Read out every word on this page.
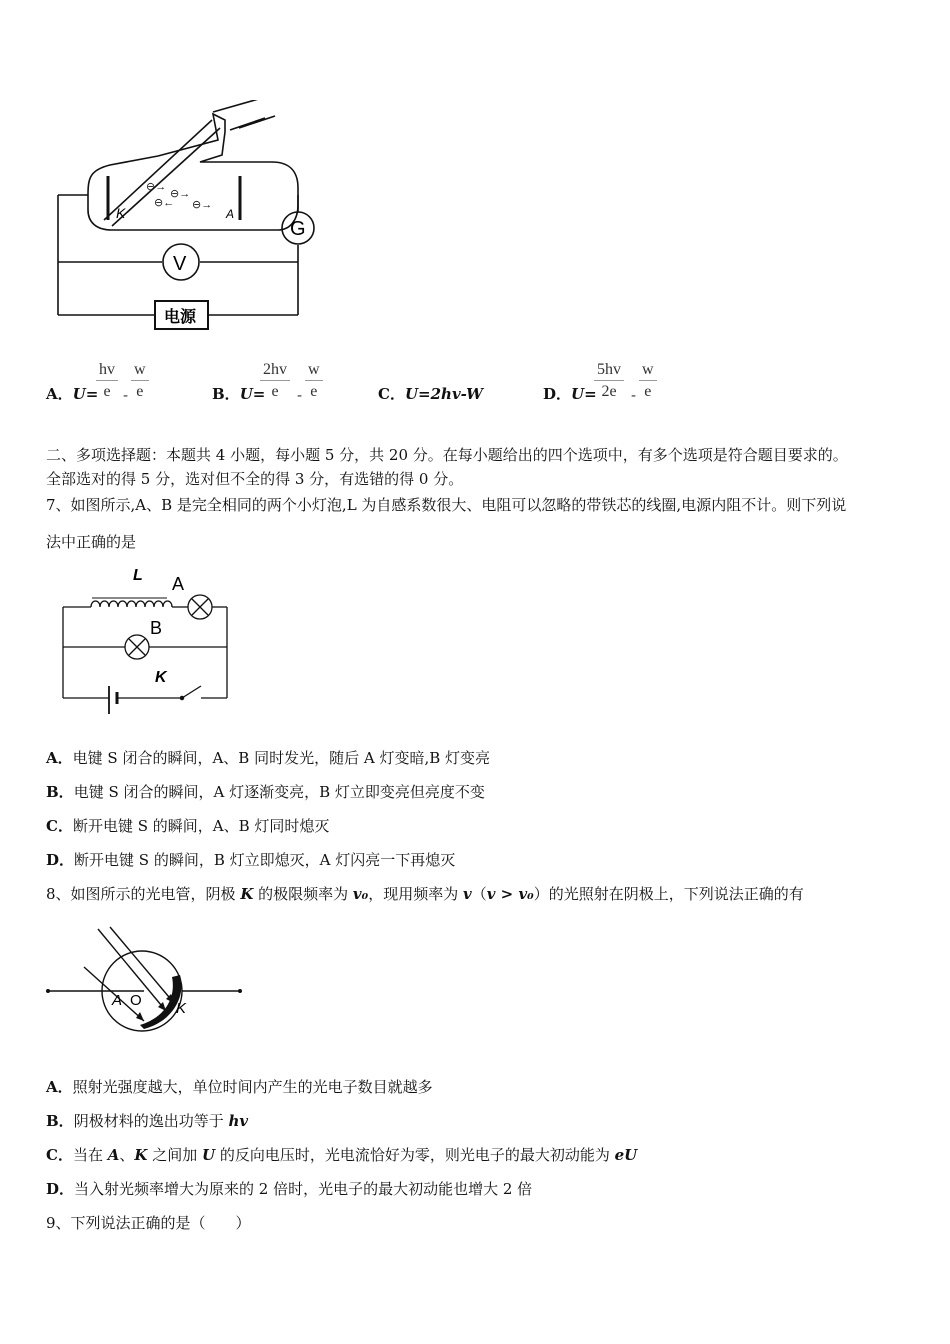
⊖→
⊖→
⊖← ⊖→
K	A
G
V
电源
A．U=
$\frac{hv}{e} - \frac{w}{e}$	B．U=
$\frac{2hv}{e} - \frac{w}{e}$	C．U=2hv-W	D．U=
$\frac{5hv}{2e} - \frac{w}{e}$
二、多项选择题：本题共 4 小题，每小题 5 分，共 20 分。在每小题给出的四个选项中，有多个选项是符合题目要求的。
全部选对的得 5 分，选对但不全的得 3 分，有选错的得 0 分。
7、如图所示,A、B 是完全相同的两个小灯泡,L 为自感系数很大、电阻可以忽略的带铁芯的线圈,电源内阻不计。则下列说
法中正确的是
L A
B
K
A．电键 S 闭合的瞬间，A、B 同时发光，随后 A 灯变暗,B 灯变亮
B．电键 S 闭合的瞬间，A 灯逐渐变亮，B 灯立即变亮但亮度不变
C．断开电键 S 的瞬间，A、B 灯同时熄灭
D．断开电键 S 的瞬间，B 灯立即熄灭，A 灯闪亮一下再熄灭
8、如图所示的光电管，阴极 K 的极限频率为 v₀，现用频率为 v（v > v₀）的光照射在阴极上，下列说法正确的有
A O K
A．照射光强度越大，单位时间内产生的光电子数目就越多
B．阴极材料的逸出功等于 hv
C．当在 A、K 之间加 U 的反向电压时，光电流恰好为零，则光电子的最大初动能为 eU
D．当入射光频率增大为原来的 2 倍时，光电子的最大初动能也增大 2 倍
9、下列说法正确的是（　　）
